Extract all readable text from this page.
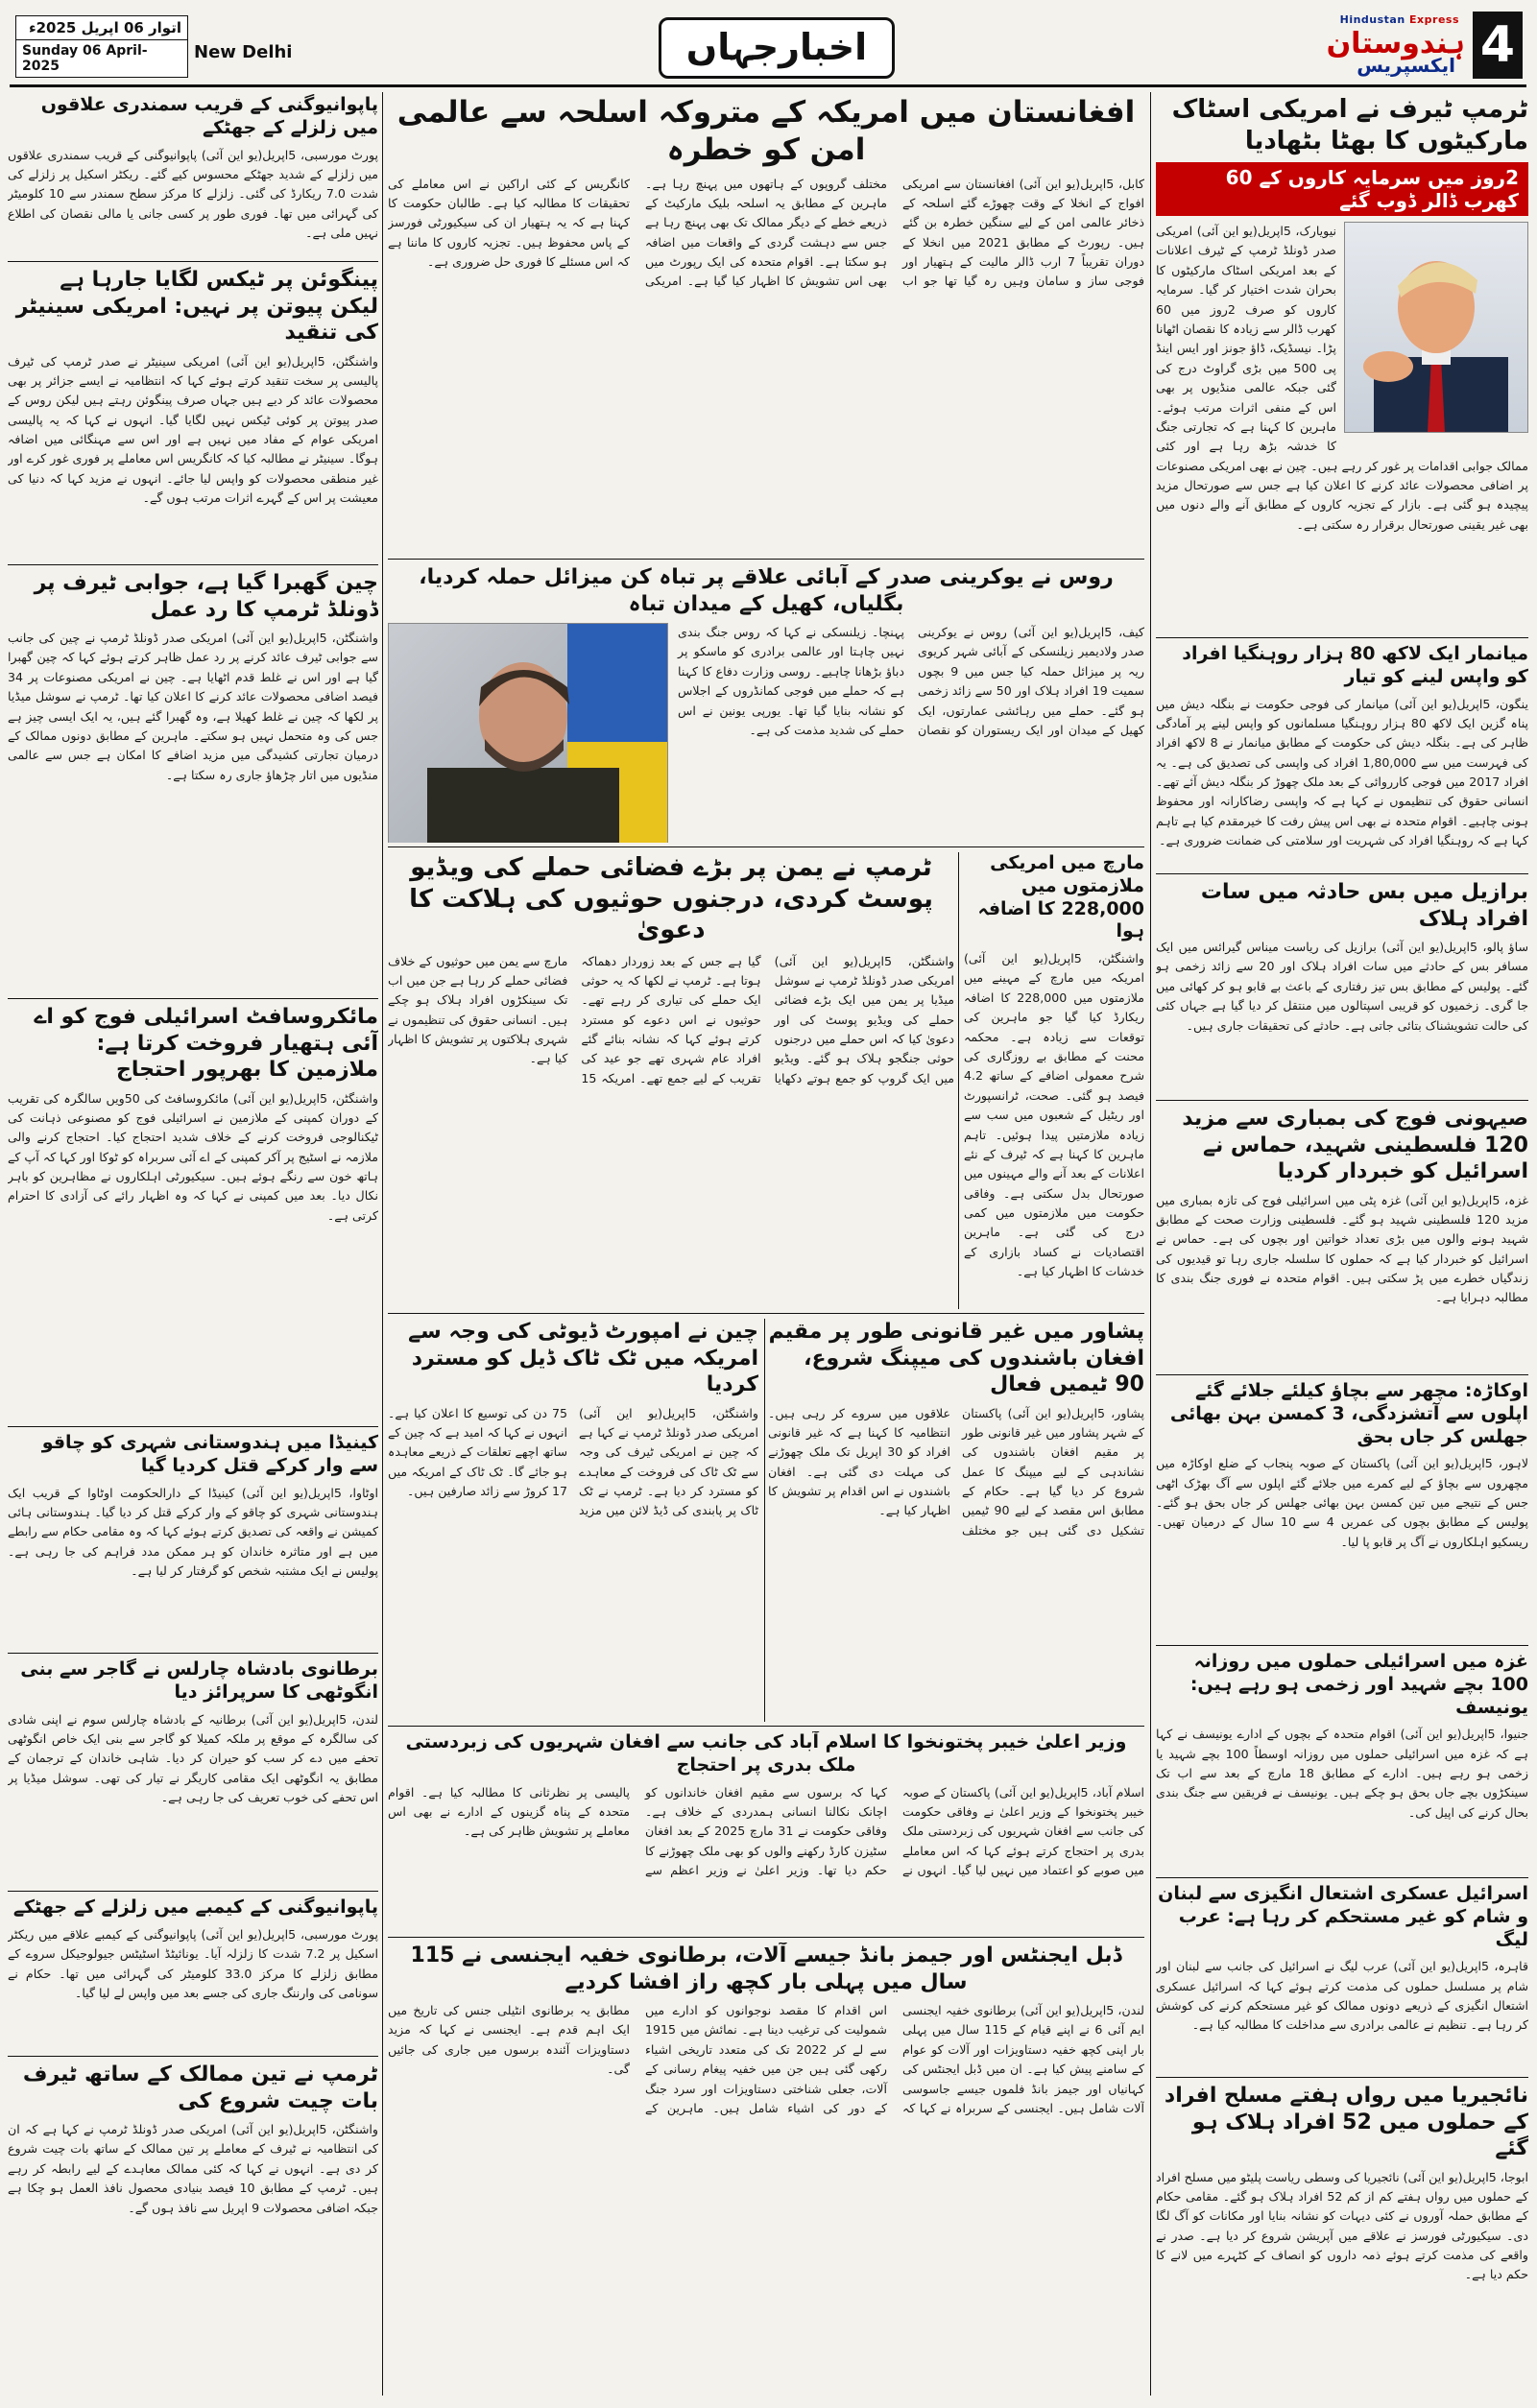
اتوار 06 اپریل 2025ء
Sunday 06 April-2025
New Delhi	اخبارجہاں
Hindustan Express
ہندوستان
ایکسپریس 4
ٹرمپ ٹیرف نے امریکی اسٹاک مارکیٹوں کا بھٹا بٹھادیا
2روز میں سرمایہ کاروں کے 60 کھرب ڈالر ڈوب گئے
نیویارک، 5اپریل(یو این آئی) امریکی صدر ڈونلڈ ٹرمپ کے ٹیرف اعلانات کے بعد امریکی اسٹاک مارکیٹوں کا بحران شدت اختیار کر گیا۔ سرمایہ کاروں کو صرف 2روز میں 60 کھرب ڈالر سے زیادہ کا نقصان اٹھانا پڑا۔ نیسڈیک، ڈاؤ جونز اور ایس اینڈ پی 500 میں بڑی گراوٹ درج کی گئی جبکہ عالمی منڈیوں پر بھی اس کے منفی اثرات مرتب ہوئے۔ ماہرین کا کہنا ہے کہ تجارتی جنگ کا خدشہ بڑھ رہا ہے اور کئی ممالک جوابی اقدامات پر غور کر رہے ہیں۔ چین نے بھی امریکی مصنوعات پر اضافی محصولات عائد کرنے کا اعلان کیا ہے جس سے صورتحال مزید پیچیدہ ہو گئی ہے۔ بازار کے تجزیہ کاروں کے مطابق آنے والے دنوں میں بھی غیر یقینی صورتحال برقرار رہ سکتی ہے۔
میانمار ایک لاکھ 80 ہزار روہنگیا افراد کو واپس لینے کو تیار
ینگون، 5اپریل(یو این آئی) میانمار کی فوجی حکومت نے بنگلہ دیش میں پناہ گزین ایک لاکھ 80 ہزار روہنگیا مسلمانوں کو واپس لینے پر آمادگی ظاہر کی ہے۔ بنگلہ دیش کی حکومت کے مطابق میانمار نے 8 لاکھ افراد کی فہرست میں سے 1,80,000 افراد کی واپسی کی تصدیق کی ہے۔ یہ افراد 2017 میں فوجی کارروائی کے بعد ملک چھوڑ کر بنگلہ دیش آئے تھے۔ انسانی حقوق کی تنظیموں نے کہا ہے کہ واپسی رضاکارانہ اور محفوظ ہونی چاہیے۔ اقوام متحدہ نے بھی اس پیش رفت کا خیرمقدم کیا ہے تاہم کہا ہے کہ روہنگیا افراد کی شہریت اور سلامتی کی ضمانت ضروری ہے۔
برازیل میں بس حادثہ میں سات افراد ہلاک
ساؤ پالو، 5اپریل(یو این آئی) برازیل کی ریاست میناس گیرائس میں ایک مسافر بس کے حادثے میں سات افراد ہلاک اور 20 سے زائد زخمی ہو گئے۔ پولیس کے مطابق بس تیز رفتاری کے باعث بے قابو ہو کر کھائی میں جا گری۔ زخمیوں کو قریبی اسپتالوں میں منتقل کر دیا گیا ہے جہاں کئی کی حالت تشویشناک بتائی جاتی ہے۔ حادثے کی تحقیقات جاری ہیں۔
صیہونی فوج کی بمباری سے مزید 120 فلسطینی شہید، حماس نے اسرائیل کو خبردار کردیا
غزہ، 5اپریل(یو این آئی) غزہ پٹی میں اسرائیلی فوج کی تازہ بمباری میں مزید 120 فلسطینی شہید ہو گئے۔ فلسطینی وزارت صحت کے مطابق شہید ہونے والوں میں بڑی تعداد خواتین اور بچوں کی ہے۔ حماس نے اسرائیل کو خبردار کیا ہے کہ حملوں کا سلسلہ جاری رہا تو قیدیوں کی زندگیاں خطرے میں پڑ سکتی ہیں۔ اقوام متحدہ نے فوری جنگ بندی کا مطالبہ دہرایا ہے۔
اوکاڑہ: مچھر سے بچاؤ کیلئے جلائے گئے اپلوں سے آتشزدگی، 3 کمسن بہن بھائی جھلس کر جاں بحق
لاہور، 5اپریل(یو این آئی) پاکستان کے صوبہ پنجاب کے ضلع اوکاڑہ میں مچھروں سے بچاؤ کے لیے کمرے میں جلائے گئے اپلوں سے آگ بھڑک اٹھی جس کے نتیجے میں تین کمسن بہن بھائی جھلس کر جاں بحق ہو گئے۔ پولیس کے مطابق بچوں کی عمریں 4 سے 10 سال کے درمیان تھیں۔ ریسکیو اہلکاروں نے آگ پر قابو پا لیا۔
غزہ میں اسرائیلی حملوں میں روزانہ 100 بچے شہید اور زخمی ہو رہے ہیں: یونیسف
جنیوا، 5اپریل(یو این آئی) اقوام متحدہ کے بچوں کے ادارے یونیسف نے کہا ہے کہ غزہ میں اسرائیلی حملوں میں روزانہ اوسطاً 100 بچے شہید یا زخمی ہو رہے ہیں۔ ادارے کے مطابق 18 مارچ کے بعد سے اب تک سینکڑوں بچے جاں بحق ہو چکے ہیں۔ یونیسف نے فریقین سے جنگ بندی بحال کرنے کی اپیل کی۔
اسرائیل عسکری اشتعال انگیزی سے لبنان و شام کو غیر مستحکم کر رہا ہے: عرب لیگ
قاہرہ، 5اپریل(یو این آئی) عرب لیگ نے اسرائیل کی جانب سے لبنان اور شام پر مسلسل حملوں کی مذمت کرتے ہوئے کہا کہ اسرائیل عسکری اشتعال انگیزی کے ذریعے دونوں ممالک کو غیر مستحکم کرنے کی کوشش کر رہا ہے۔ تنظیم نے عالمی برادری سے مداخلت کا مطالبہ کیا ہے۔
نائجیریا میں رواں ہفتے مسلح افراد کے حملوں میں 52 افراد ہلاک ہو گئے
ابوجا، 5اپریل(یو این آئی) نائجیریا کی وسطی ریاست پلیٹو میں مسلح افراد کے حملوں میں رواں ہفتے کم از کم 52 افراد ہلاک ہو گئے۔ مقامی حکام کے مطابق حملہ آوروں نے کئی دیہات کو نشانہ بنایا اور مکانات کو آگ لگا دی۔ سیکیورٹی فورسز نے علاقے میں آپریشن شروع کر دیا ہے۔ صدر نے واقعے کی مذمت کرتے ہوئے ذمہ داروں کو انصاف کے کٹہرے میں لانے کا حکم دیا ہے۔
پاپوانیوگنی کے قریب سمندری علاقوں میں زلزلے کے جھٹکے
پورٹ مورسبی، 5اپریل(یو این آئی) پاپوانیوگنی کے قریب سمندری علاقوں میں زلزلے کے شدید جھٹکے محسوس کیے گئے۔ ریکٹر اسکیل پر زلزلے کی شدت 7.0 ریکارڈ کی گئی۔ زلزلے کا مرکز سطح سمندر سے 10 کلومیٹر کی گہرائی میں تھا۔ فوری طور پر کسی جانی یا مالی نقصان کی اطلاع نہیں ملی ہے۔
پینگوئن پر ٹیکس لگایا جارہا ہے لیکن پیوتن پر نہیں: امریکی سینیٹر کی تنقید
واشنگٹن، 5اپریل(یو این آئی) امریکی سینیٹر نے صدر ٹرمپ کی ٹیرف پالیسی پر سخت تنقید کرتے ہوئے کہا کہ انتظامیہ نے ایسے جزائر پر بھی محصولات عائد کر دیے ہیں جہاں صرف پینگوئن رہتے ہیں لیکن روس کے صدر پیوتن پر کوئی ٹیکس نہیں لگایا گیا۔ انہوں نے کہا کہ یہ پالیسی امریکی عوام کے مفاد میں نہیں ہے اور اس سے مہنگائی میں اضافہ ہوگا۔ سینیٹر نے مطالبہ کیا کہ کانگریس اس معاملے پر فوری غور کرے اور غیر منطقی محصولات کو واپس لیا جائے۔ انہوں نے مزید کہا کہ دنیا کی معیشت پر اس کے گہرے اثرات مرتب ہوں گے۔
چین گھبرا گیا ہے، جوابی ٹیرف پر ڈونلڈ ٹرمپ کا رد عمل
واشنگٹن، 5اپریل(یو این آئی) امریکی صدر ڈونلڈ ٹرمپ نے چین کی جانب سے جوابی ٹیرف عائد کرنے پر رد عمل ظاہر کرتے ہوئے کہا کہ چین گھبرا گیا ہے اور اس نے غلط قدم اٹھایا ہے۔ چین نے امریکی مصنوعات پر 34 فیصد اضافی محصولات عائد کرنے کا اعلان کیا تھا۔ ٹرمپ نے سوشل میڈیا پر لکھا کہ چین نے غلط کھیلا ہے، وہ گھبرا گئے ہیں، یہ ایک ایسی چیز ہے جس کی وہ متحمل نہیں ہو سکتے۔ ماہرین کے مطابق دونوں ممالک کے درمیان تجارتی کشیدگی میں مزید اضافے کا امکان ہے جس سے عالمی منڈیوں میں اتار چڑھاؤ جاری رہ سکتا ہے۔
مائکروسافٹ اسرائیلی فوج کو اے آئی ہتھیار فروخت کرتا ہے: ملازمین کا بھرپور احتجاج
واشنگٹن، 5اپریل(یو این آئی) مائکروسافٹ کی 50ویں سالگرہ کی تقریب کے دوران کمپنی کے ملازمین نے اسرائیلی فوج کو مصنوعی ذہانت کی ٹیکنالوجی فروخت کرنے کے خلاف شدید احتجاج کیا۔ احتجاج کرنے والی ملازمہ نے اسٹیج پر آکر کمپنی کے اے آئی سربراہ کو ٹوکا اور کہا کہ آپ کے ہاتھ خون سے رنگے ہوئے ہیں۔ سیکیورٹی اہلکاروں نے مظاہرین کو باہر نکال دیا۔ بعد میں کمپنی نے کہا کہ وہ اظہار رائے کی آزادی کا احترام کرتی ہے۔
کینیڈا میں ہندوستانی شہری کو چاقو سے وار کرکے قتل کردیا گیا
اوٹاوا، 5اپریل(یو این آئی) کینیڈا کے دارالحکومت اوٹاوا کے قریب ایک ہندوستانی شہری کو چاقو کے وار کرکے قتل کر دیا گیا۔ ہندوستانی ہائی کمیشن نے واقعہ کی تصدیق کرتے ہوئے کہا کہ وہ مقامی حکام سے رابطے میں ہے اور متاثرہ خاندان کو ہر ممکن مدد فراہم کی جا رہی ہے۔ پولیس نے ایک مشتبہ شخص کو گرفتار کر لیا ہے۔
برطانوی بادشاہ چارلس نے گاجر سے بنی انگوٹھی کا سرپرائز دیا
لندن، 5اپریل(یو این آئی) برطانیہ کے بادشاہ چارلس سوم نے اپنی شادی کی سالگرہ کے موقع پر ملکہ کمیلا کو گاجر سے بنی ایک خاص انگوٹھی تحفے میں دے کر سب کو حیران کر دیا۔ شاہی خاندان کے ترجمان کے مطابق یہ انگوٹھی ایک مقامی کاریگر نے تیار کی تھی۔ سوشل میڈیا پر اس تحفے کی خوب تعریف کی جا رہی ہے۔
پاپوانیوگنی کے کیمبے میں زلزلے کے جھٹکے
پورٹ مورسبی، 5اپریل(یو این آئی) پاپوانیوگنی کے کیمبے علاقے میں ریکٹر اسکیل پر 7.2 شدت کا زلزلہ آیا۔ یونائیٹڈ اسٹیٹس جیولوجیکل سروے کے مطابق زلزلے کا مرکز 33.0 کلومیٹر کی گہرائی میں تھا۔ حکام نے سونامی کی وارننگ جاری کی جسے بعد میں واپس لے لیا گیا۔
ٹرمپ نے تین ممالک کے ساتھ ٹیرف بات چیت شروع کی
واشنگٹن، 5اپریل(یو این آئی) امریکی صدر ڈونلڈ ٹرمپ نے کہا ہے کہ ان کی انتظامیہ نے ٹیرف کے معاملے پر تین ممالک کے ساتھ بات چیت شروع کر دی ہے۔ انہوں نے کہا کہ کئی ممالک معاہدے کے لیے رابطہ کر رہے ہیں۔ ٹرمپ کے مطابق 10 فیصد بنیادی محصول نافذ العمل ہو چکا ہے جبکہ اضافی محصولات 9 اپریل سے نافذ ہوں گے۔
افغانستان میں امریکہ کے متروکہ اسلحہ سے عالمی امن کو خطرہ
کابل، 5اپریل(یو این آئی) افغانستان سے امریکی افواج کے انخلا کے وقت چھوڑے گئے اسلحہ کے ذخائر عالمی امن کے لیے سنگین خطرہ بن گئے ہیں۔ رپورٹ کے مطابق 2021 میں انخلا کے دوران تقریباً 7 ارب ڈالر مالیت کے ہتھیار اور فوجی ساز و سامان وہیں رہ گیا تھا جو اب مختلف گروپوں کے ہاتھوں میں پہنچ رہا ہے۔ ماہرین کے مطابق یہ اسلحہ بلیک مارکیٹ کے ذریعے خطے کے دیگر ممالک تک بھی پہنچ رہا ہے جس سے دہشت گردی کے واقعات میں اضافہ ہو سکتا ہے۔ اقوام متحدہ کی ایک رپورٹ میں بھی اس تشویش کا اظہار کیا گیا ہے۔ امریکی کانگریس کے کئی اراکین نے اس معاملے کی تحقیقات کا مطالبہ کیا ہے۔ طالبان حکومت کا کہنا ہے کہ یہ ہتھیار ان کی سیکیورٹی فورسز کے پاس محفوظ ہیں۔ تجزیہ کاروں کا ماننا ہے کہ اس مسئلے کا فوری حل ضروری ہے۔
روس نے یوکرینی صدر کے آبائی علاقے پر تباہ کن میزائل حملہ کردیا، بگلیاں، کھیل کے میدان تباہ
کیف، 5اپریل(یو این آئی) روس نے یوکرینی صدر ولادیمیر زیلنسکی کے آبائی شہر کریوی ریہ پر میزائل حملہ کیا جس میں 9 بچوں سمیت 19 افراد ہلاک اور 50 سے زائد زخمی ہو گئے۔ حملے میں رہائشی عمارتوں، ایک کھیل کے میدان اور ایک ریستوران کو نقصان پہنچا۔ زیلنسکی نے کہا کہ روس جنگ بندی نہیں چاہتا اور عالمی برادری کو ماسکو پر دباؤ بڑھانا چاہیے۔ روسی وزارت دفاع کا کہنا ہے کہ حملے میں فوجی کمانڈروں کے اجلاس کو نشانہ بنایا گیا تھا۔ یورپی یونین نے اس حملے کی شدید مذمت کی ہے۔
ٹرمپ نے یمن پر بڑے فضائی حملے کی ویڈیو پوسٹ کردی، درجنوں حوثیوں کی ہلاکت کا دعویٰ
واشنگٹن، 5اپریل(یو این آئی) امریکی صدر ڈونلڈ ٹرمپ نے سوشل میڈیا پر یمن میں ایک بڑے فضائی حملے کی ویڈیو پوسٹ کی اور دعویٰ کیا کہ اس حملے میں درجنوں حوثی جنگجو ہلاک ہو گئے۔ ویڈیو میں ایک گروپ کو جمع ہوتے دکھایا گیا ہے جس کے بعد زوردار دھماکہ ہوتا ہے۔ ٹرمپ نے لکھا کہ یہ حوثی ایک حملے کی تیاری کر رہے تھے۔ حوثیوں نے اس دعوے کو مسترد کرتے ہوئے کہا کہ نشانہ بنائے گئے افراد عام شہری تھے جو عید کی تقریب کے لیے جمع تھے۔ امریکہ 15 مارچ سے یمن میں حوثیوں کے خلاف فضائی حملے کر رہا ہے جن میں اب تک سینکڑوں افراد ہلاک ہو چکے ہیں۔ انسانی حقوق کی تنظیموں نے شہری ہلاکتوں پر تشویش کا اظہار کیا ہے۔
مارچ میں امریکی ملازمتوں میں 228,000 کا اضافہ ہوا
واشنگٹن، 5اپریل(یو این آئی) امریکہ میں مارچ کے مہینے میں ملازمتوں میں 228,000 کا اضافہ ریکارڈ کیا گیا جو ماہرین کی توقعات سے زیادہ ہے۔ محکمہ محنت کے مطابق بے روزگاری کی شرح معمولی اضافے کے ساتھ 4.2 فیصد ہو گئی۔ صحت، ٹرانسپورٹ اور ریٹیل کے شعبوں میں سب سے زیادہ ملازمتیں پیدا ہوئیں۔ تاہم ماہرین کا کہنا ہے کہ ٹیرف کے نئے اعلانات کے بعد آنے والے مہینوں میں صورتحال بدل سکتی ہے۔ وفاقی حکومت میں ملازمتوں میں کمی درج کی گئی ہے۔ ماہرین اقتصادیات نے کساد بازاری کے خدشات کا اظہار کیا ہے۔
پشاور میں غیر قانونی طور پر مقیم افغان باشندوں کی میپنگ شروع، 90 ٹیمیں فعال
پشاور، 5اپریل(یو این آئی) پاکستان کے شہر پشاور میں غیر قانونی طور پر مقیم افغان باشندوں کی نشاندہی کے لیے میپنگ کا عمل شروع کر دیا گیا ہے۔ حکام کے مطابق اس مقصد کے لیے 90 ٹیمیں تشکیل دی گئی ہیں جو مختلف علاقوں میں سروے کر رہی ہیں۔ انتظامیہ کا کہنا ہے کہ غیر قانونی افراد کو 30 اپریل تک ملک چھوڑنے کی مہلت دی گئی ہے۔ افغان باشندوں نے اس اقدام پر تشویش کا اظہار کیا ہے۔
چین نے امپورٹ ڈیوٹی کی وجہ سے امریکہ میں ٹک ٹاک ڈیل کو مسترد کردیا
واشنگٹن، 5اپریل(یو این آئی) امریکی صدر ڈونلڈ ٹرمپ نے کہا ہے کہ چین نے امریکی ٹیرف کی وجہ سے ٹک ٹاک کی فروخت کے معاہدے کو مسترد کر دیا ہے۔ ٹرمپ نے ٹک ٹاک پر پابندی کی ڈیڈ لائن میں مزید 75 دن کی توسیع کا اعلان کیا ہے۔ انہوں نے کہا کہ امید ہے کہ چین کے ساتھ اچھے تعلقات کے ذریعے معاہدہ ہو جائے گا۔ ٹک ٹاک کے امریکہ میں 17 کروڑ سے زائد صارفین ہیں۔
وزیر اعلیٰ خیبر پختونخوا کا اسلام آباد کی جانب سے افغان شہریوں کی زبردستی ملک بدری پر احتجاج
اسلام آباد، 5اپریل(یو این آئی) پاکستان کے صوبہ خیبر پختونخوا کے وزیر اعلیٰ نے وفاقی حکومت کی جانب سے افغان شہریوں کی زبردستی ملک بدری پر احتجاج کرتے ہوئے کہا کہ اس معاملے میں صوبے کو اعتماد میں نہیں لیا گیا۔ انہوں نے کہا کہ برسوں سے مقیم افغان خاندانوں کو اچانک نکالنا انسانی ہمدردی کے خلاف ہے۔ وفاقی حکومت نے 31 مارچ 2025 کے بعد افغان سٹیزن کارڈ رکھنے والوں کو بھی ملک چھوڑنے کا حکم دیا تھا۔ وزیر اعلیٰ نے وزیر اعظم سے پالیسی پر نظرثانی کا مطالبہ کیا ہے۔ اقوام متحدہ کے پناہ گزینوں کے ادارے نے بھی اس معاملے پر تشویش ظاہر کی ہے۔
ڈبل ایجنٹس اور جیمز بانڈ جیسے آلات، برطانوی خفیہ ایجنسی نے 115 سال میں پہلی بار کچھ راز افشا کردیے
لندن، 5اپریل(یو این آئی) برطانوی خفیہ ایجنسی ایم آئی 6 نے اپنے قیام کے 115 سال میں پہلی بار اپنی کچھ خفیہ دستاویزات اور آلات کو عوام کے سامنے پیش کیا ہے۔ ان میں ڈبل ایجنٹس کی کہانیاں اور جیمز بانڈ فلموں جیسے جاسوسی آلات شامل ہیں۔ ایجنسی کے سربراہ نے کہا کہ اس اقدام کا مقصد نوجوانوں کو ادارے میں شمولیت کی ترغیب دینا ہے۔ نمائش میں 1915 سے لے کر 2022 تک کی متعدد تاریخی اشیاء رکھی گئی ہیں جن میں خفیہ پیغام رسانی کے آلات، جعلی شناختی دستاویزات اور سرد جنگ کے دور کی اشیاء شامل ہیں۔ ماہرین کے مطابق یہ برطانوی انٹیلی جنس کی تاریخ میں ایک اہم قدم ہے۔ ایجنسی نے کہا کہ مزید دستاویزات آئندہ برسوں میں جاری کی جائیں گی۔
